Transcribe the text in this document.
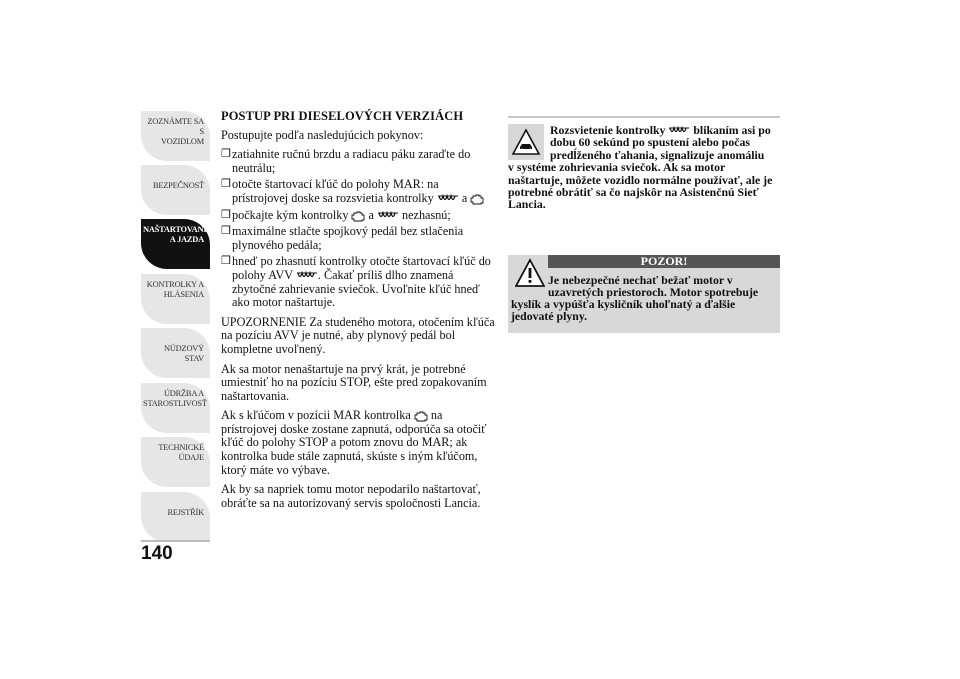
ZOZNÁMTE SA S
VOZIDLOM
BEZPEČNOSŤ
NAŠTARTOVANIE
A JAZDA
KONTROLKY A
HLÁSENIA
NÚDZOVÝ STAV
ÚDRŽBA A
STAROSTLIVOSŤ
TECHNICKÉ
ÚDAJE
REJSTŘÍK
140
POSTUP PRI DIESELOVÝCH VERZIÁCH

Postupujte podľa nasledujúcich pokynov:

❒ zatiahnite ručnú brzdu a radiacu páku zaraďte do neutrálu;
❒ otočte štartovací kľúč do polohy MAR: na prístrojovej doske sa rozsvietia kontrolky a
❒ počkajte kým kontrolky a nezhasnú;
❒ maximálne stlačte spojkový pedál bez stlačenia plynového pedála;
❒ hneď po zhasnutí kontrolky otočte štartovací kľúč do polohy AVV . Čakať príliš dlho znamená zbytočné zahrievanie sviečok. Uvoľnite kľúč hneď ako motor naštartuje.

UPOZORNENIE Za studeného motora, otočením kľúča na pozíciu AVV je nutné, aby plynový pedál bol kompletne uvoľnený.

Ak sa motor nenaštartuje na prvý krát, je potrebné umiestniť ho na pozíciu STOP, ešte pred zopakovaním naštartovania.

Ak s kľúčom v pozícii MAR kontrolka na prístrojovej doske zostane zapnutá, odporúča sa otočiť kľúč do polohy STOP a potom znovu do MAR; ak kontrolka bude stále zapnutá, skúste s iným kľúčom, ktorý máte vo výbave.

Ak by sa napriek tomu motor nepodarilo naštartovať, obráťte sa na autorizovaný servis spoločnosti Lancia.

Rozsvietenie kontrolky blikaním asi po dobu 60 sekúnd po spustení alebo počas predĺženého ťahania, signalizuje anomáliu
v systéme zohrievania sviečok. Ak sa motor naštartuje, môžete vozidlo normálne používať, ale je potrebné obrátiť sa čo najskôr na Asistenčnú Sieť Lancia.
POZOR!
Je nebezpečné nechať bežať motor v uzavretých priestoroch. Motor spotrebuje
kyslík a vypúšťa kysličník uhoľnatý a ďalšie jedovaté plyny.
